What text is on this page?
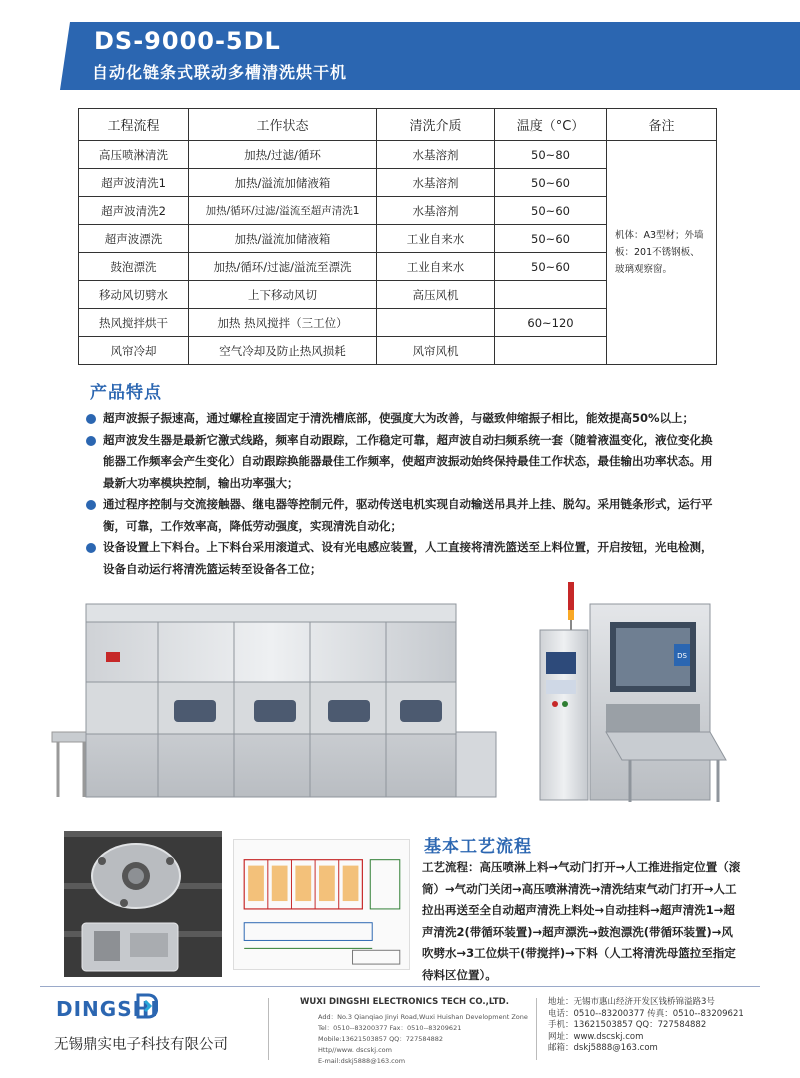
DS-9000-5DL
自动化链条式联动多槽清洗烘干机
工程流程	工作状态	清洗介质	温度（°C）	备注
高压喷淋清洗	加热/过滤/循环	水基溶剂	50~80	机体：A3型材；外墙板：201不锈钢板、玻璃观察窗。
超声波清洗1	加热/溢流加储液箱	水基溶剂	50~60	
超声波清洗2	加热/循环/过滤/溢流至超声清洗1	水基溶剂	50~60	
超声波漂洗	加热/溢流加储液箱	工业自来水	50~60	
鼓泡漂洗	加热/循环/过滤/溢流至漂洗	工业自来水	50~60	
移动风切劈水	上下移动风切	高压风机		
热风搅拌烘干	加热 热风搅拌（三工位）		60~120	
风帘冷却	空气冷却及防止热风损耗	风帘风机		
产品特点
超声波振子振速高，通过螺栓直接固定于清洗槽底部，使强度大为改善，与磁致伸缩振子相比，能效提高50%以上；
超声波发生器是最新它激式线路，频率自动跟踪，工作稳定可靠，超声波自动扫频系统一套（随着液温变化，液位变化换能器工作频率会产生变化）自动跟踪换能器最佳工作频率，使超声波振动始终保持最佳工作状态，最佳输出功率状态。用最新大功率模块控制，输出功率强大；
通过程序控制与交流接触器、继电器等控制元件，驱动传送电机实现自动输送吊具并上挂、脱勾。采用链条形式，运行平衡，可靠，工作效率高，降低劳动强度，实现清洗自动化；
设备设置上下料台。上下料台采用滚道式、设有光电感应装置，人工直接将清洗篮送至上料位置，开启按钮，光电检测，设备自动运行将清洗篮运转至设备各工位；
DS
基本工艺流程
工艺流程：高压喷淋上料→气动门打开→人工推进指定位置（滚筒）→气动门关闭→高压喷淋清洗→清洗结束气动门打开→人工拉出再送至全自动超声清洗上料处→自动挂料→超声清洗1→超声清洗2(带循环装置)→超声漂洗→鼓泡漂洗(带循环装置)→风吹劈水→3工位烘干(带搅拌)→下料（人工将清洗母篮拉至指定待料区位置）。
DINGSHI
无锡鼎实电子科技有限公司
WUXI DINGSHI ELECTRONICS TECH CO.,LTD.
Add：No.3 Qianqiao Jinyi Road,Wuxi Huishan Development Zone
Tel：0510--83200377 Fax：0510--83209621
Mobile:13621503857 QQ：727584882
Http//www. dscskj.com
E-mail:dskj5888@163.com
地址：无锡市惠山经济开发区钱桥锦溢路3号
电话：0510--83200377 传真：0510--83209621
手机：13621503857 QQ：727584882
网址：www.dscskj.com
邮箱：dskj5888@163.com
